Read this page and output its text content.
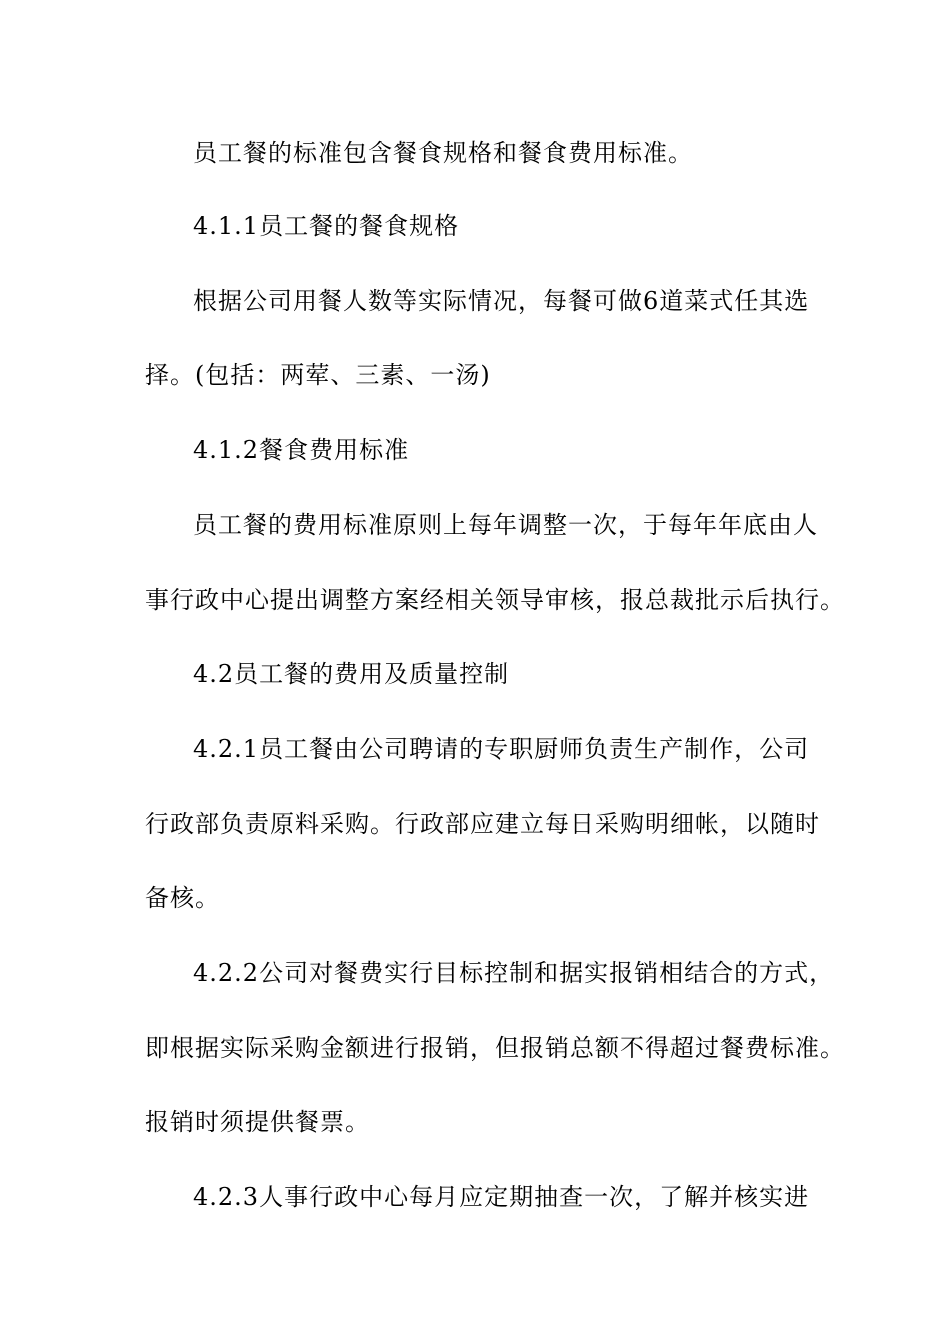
员工餐的标准包含餐食规格和餐食费用标准。
4.1.1员工餐的餐食规格
根据公司用餐人数等实际情况，每餐可做6道菜式任其选
择。(包括：两荤、三素、一汤)
4.1.2餐食费用标准
员工餐的费用标准原则上每年调整一次，于每年年底由人
事行政中心提出调整方案经相关领导审核，报总裁批示后执行。
4.2员工餐的费用及质量控制
4.2.1员工餐由公司聘请的专职厨师负责生产制作，公司
行政部负责原料采购。行政部应建立每日采购明细帐，以随时
备核。
4.2.2公司对餐费实行目标控制和据实报销相结合的方式，
即根据实际采购金额进行报销，但报销总额不得超过餐费标准。
报销时须提供餐票。
4.2.3人事行政中心每月应定期抽查一次，了解并核实进
